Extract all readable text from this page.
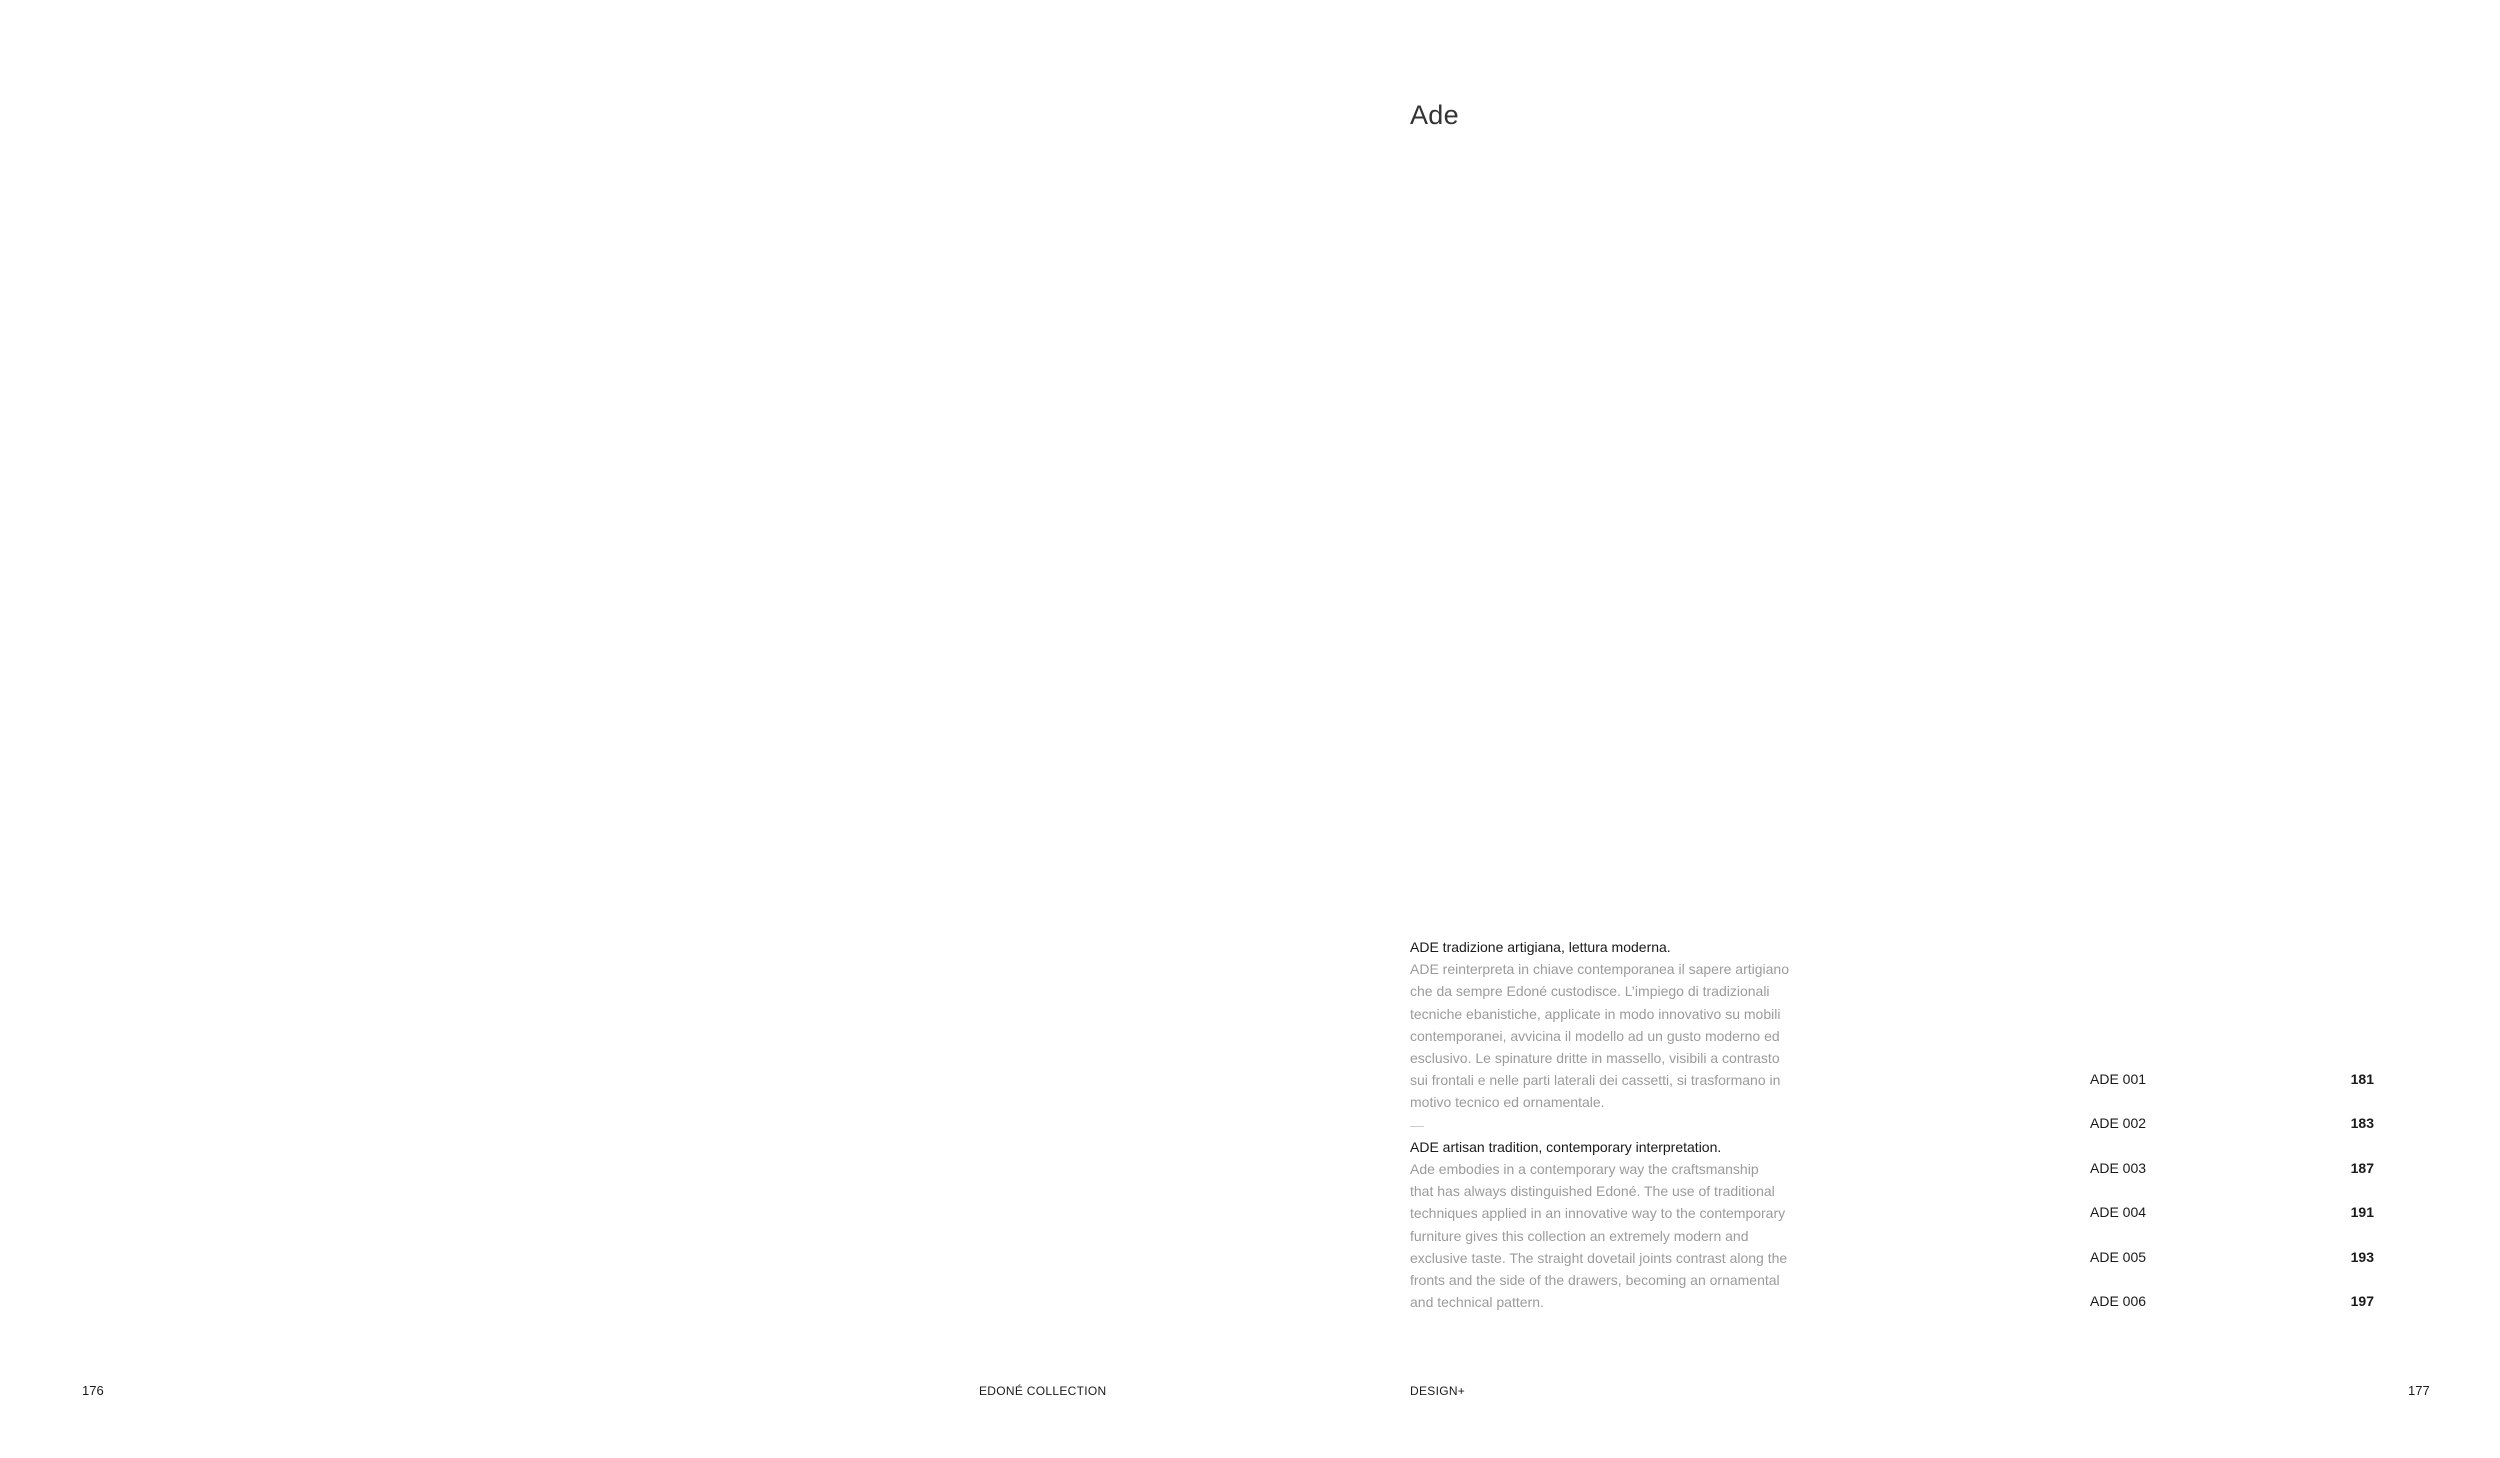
Ade
ADE tradizione artigiana, lettura moderna.
ADE reinterpreta in chiave contemporanea il sapere artigiano
che da sempre Edoné custodisce. L’impiego di tradizionali
tecniche ebanistiche, applicate in modo innovativo su mobili
contemporanei, avvicina il modello ad un gusto moderno ed
esclusivo. Le spinature dritte in massello, visibili a contrasto
sui frontali e nelle parti laterali dei cassetti, si trasformano in
motivo tecnico ed ornamentale.
—
ADE artisan tradition, contemporary interpretation.
Ade embodies in a contemporary way the craftsmanship
that has always distinguished Edoné. The use of traditional
techniques applied in an innovative way to the contemporary
furniture gives this collection an extremely modern and
exclusive taste. The straight dovetail joints contrast along the
fronts and the side of the drawers, becoming an ornamental
and technical pattern.
ADE 001	181
ADE 002	183
ADE 003	187
ADE 004	191
ADE 005	193
ADE 006	197
176	EDONÉ COLLECTION	DESIGN+	177
